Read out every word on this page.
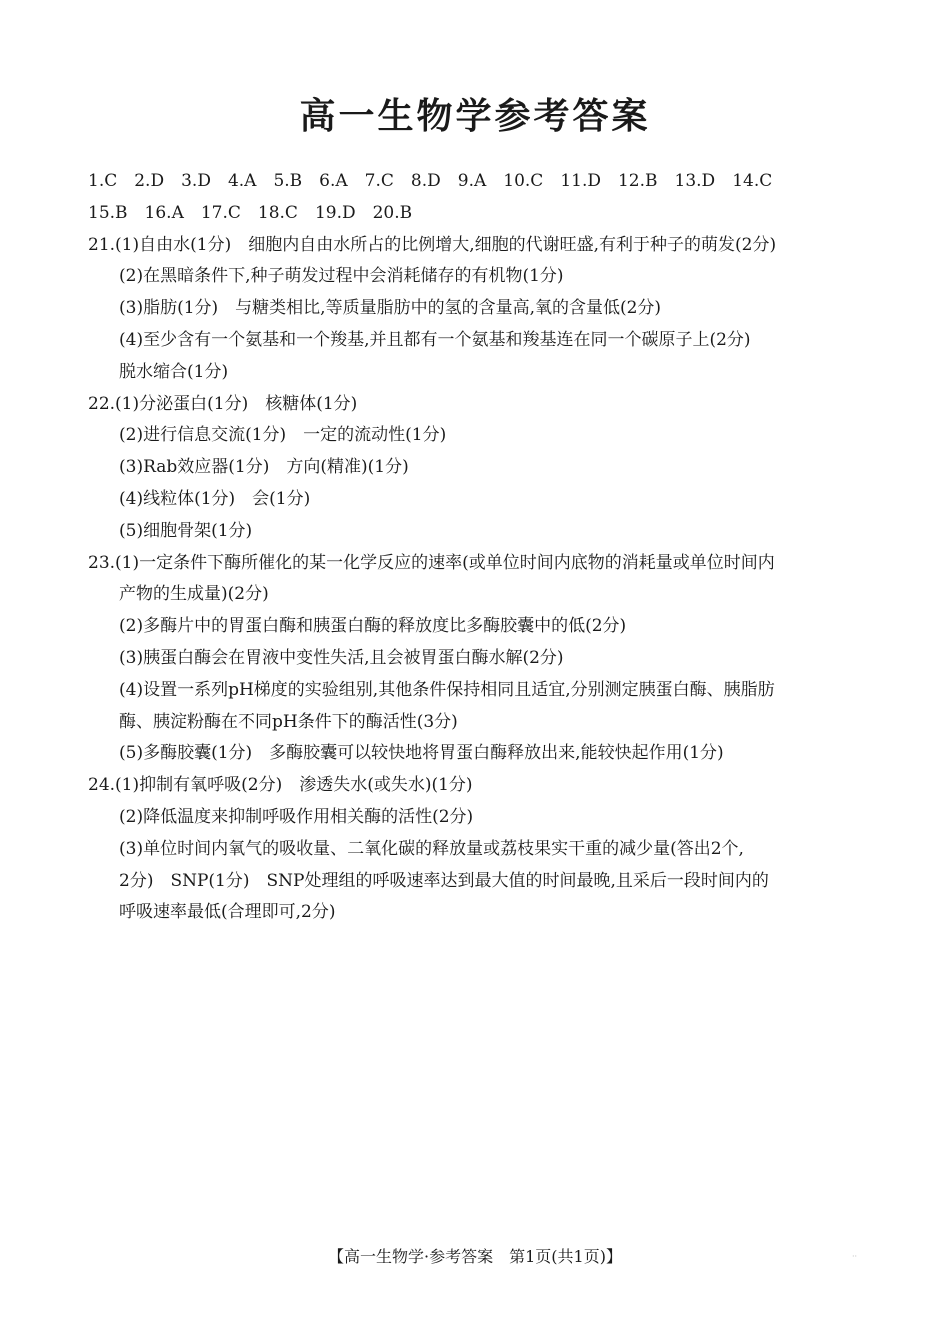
高一生物学参考答案
1.C 2.D 3.D 4.A 5.B 6.A 7.C 8.D 9.A 10.C 11.D 12.B 13.D 14.C
15.B 16.A 17.C 18.C 19.D 20.B
21.(1)自由水(1分)　细胞内自由水所占的比例增大,细胞的代谢旺盛,有利于种子的萌发(2分)
(2)在黑暗条件下,种子萌发过程中会消耗储存的有机物(1分)
(3)脂肪(1分)　与糖类相比,等质量脂肪中的氢的含量高,氧的含量低(2分)
(4)至少含有一个氨基和一个羧基,并且都有一个氨基和羧基连在同一个碳原子上(2分)
脱水缩合(1分)
22.(1)分泌蛋白(1分)　核糖体(1分)
(2)进行信息交流(1分)　一定的流动性(1分)
(3)Rab效应器(1分)　方向(精准)(1分)
(4)线粒体(1分)　会(1分)
(5)细胞骨架(1分)
23.(1)一定条件下酶所催化的某一化学反应的速率(或单位时间内底物的消耗量或单位时间内
产物的生成量)(2分)
(2)多酶片中的胃蛋白酶和胰蛋白酶的释放度比多酶胶囊中的低(2分)
(3)胰蛋白酶会在胃液中变性失活,且会被胃蛋白酶水解(2分)
(4)设置一系列pH梯度的实验组别,其他条件保持相同且适宜,分别测定胰蛋白酶、胰脂肪
酶、胰淀粉酶在不同pH条件下的酶活性(3分)
(5)多酶胶囊(1分)　多酶胶囊可以较快地将胃蛋白酶释放出来,能较快起作用(1分)
24.(1)抑制有氧呼吸(2分)　渗透失水(或失水)(1分)
(2)降低温度来抑制呼吸作用相关酶的活性(2分)
(3)单位时间内氧气的吸收量、二氧化碳的释放量或荔枝果实干重的减少量(答出2个,
2分)　SNP(1分)　SNP处理组的呼吸速率达到最大值的时间最晚,且采后一段时间内的
呼吸速率最低(合理即可,2分)
【高一生物学·参考答案　第1页(共1页)】	··
